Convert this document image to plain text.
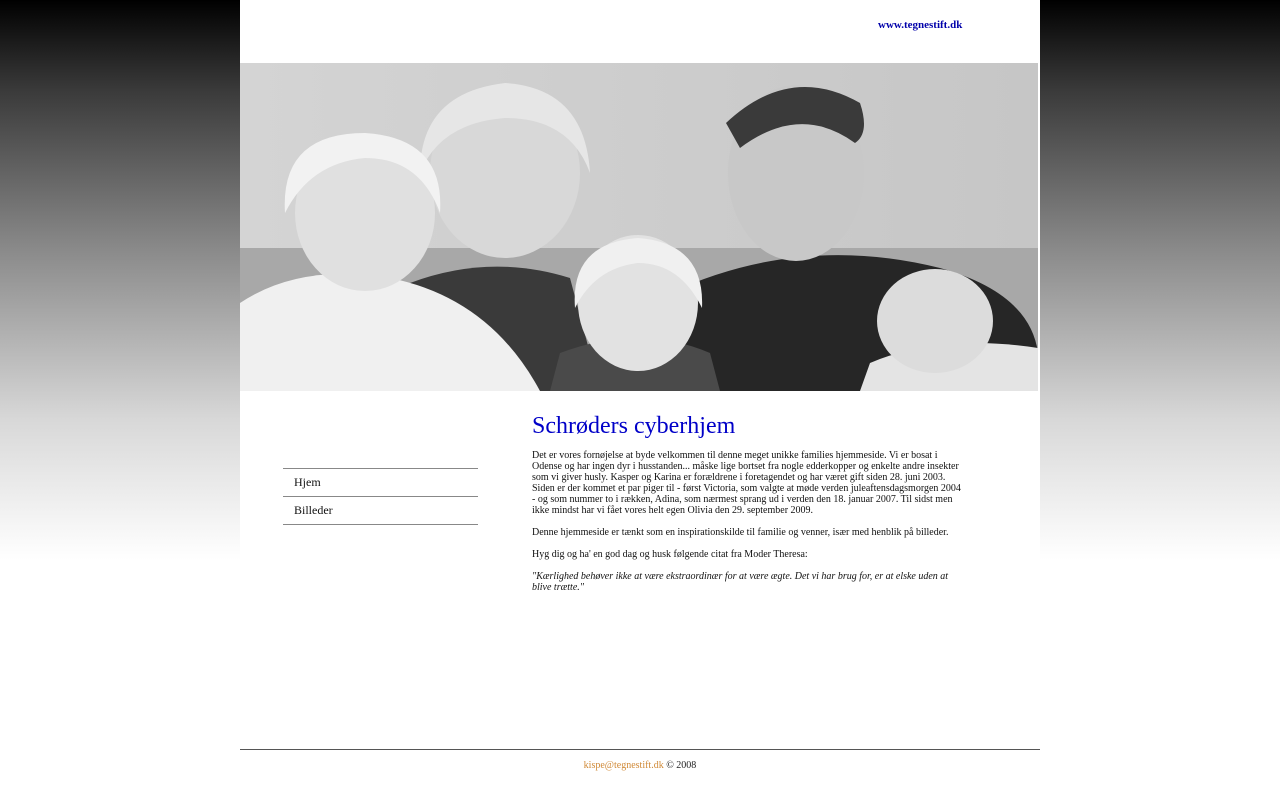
www.tegnestift.dk
Hjem
Billeder
Schrøders cyberhjem

Det er vores fornøjelse at byde velkommen til denne meget unikke families hjemmeside. Vi er bosat i Odense og har ingen dyr i husstanden... måske lige bortset fra nogle edderkopper og enkelte andre insekter som vi giver husly. Kasper og Karina er forældrene i foretagendet og har været gift siden 28. juni 2003. Siden er der kommet et par piger til - først Victoria, som valgte at møde verden juleaftensdagsmorgen 2004 - og som nummer to i rækken, Adina, som nærmest sprang ud i verden den 18. januar 2007. Til sidst men ikke mindst har vi fået vores helt egen Olivia den 29. september 2009.

Denne hjemmeside er tænkt som en inspirationskilde til familie og venner, især med henblik på billeder.

Hyg dig og ha' en god dag og husk følgende citat fra Moder Theresa:

"Kærlighed behøver ikke at være ekstraordinær for at være ægte. Det vi har brug for, er at elske uden at blive trætte."

kispe@tegnestift.dk © 2008
